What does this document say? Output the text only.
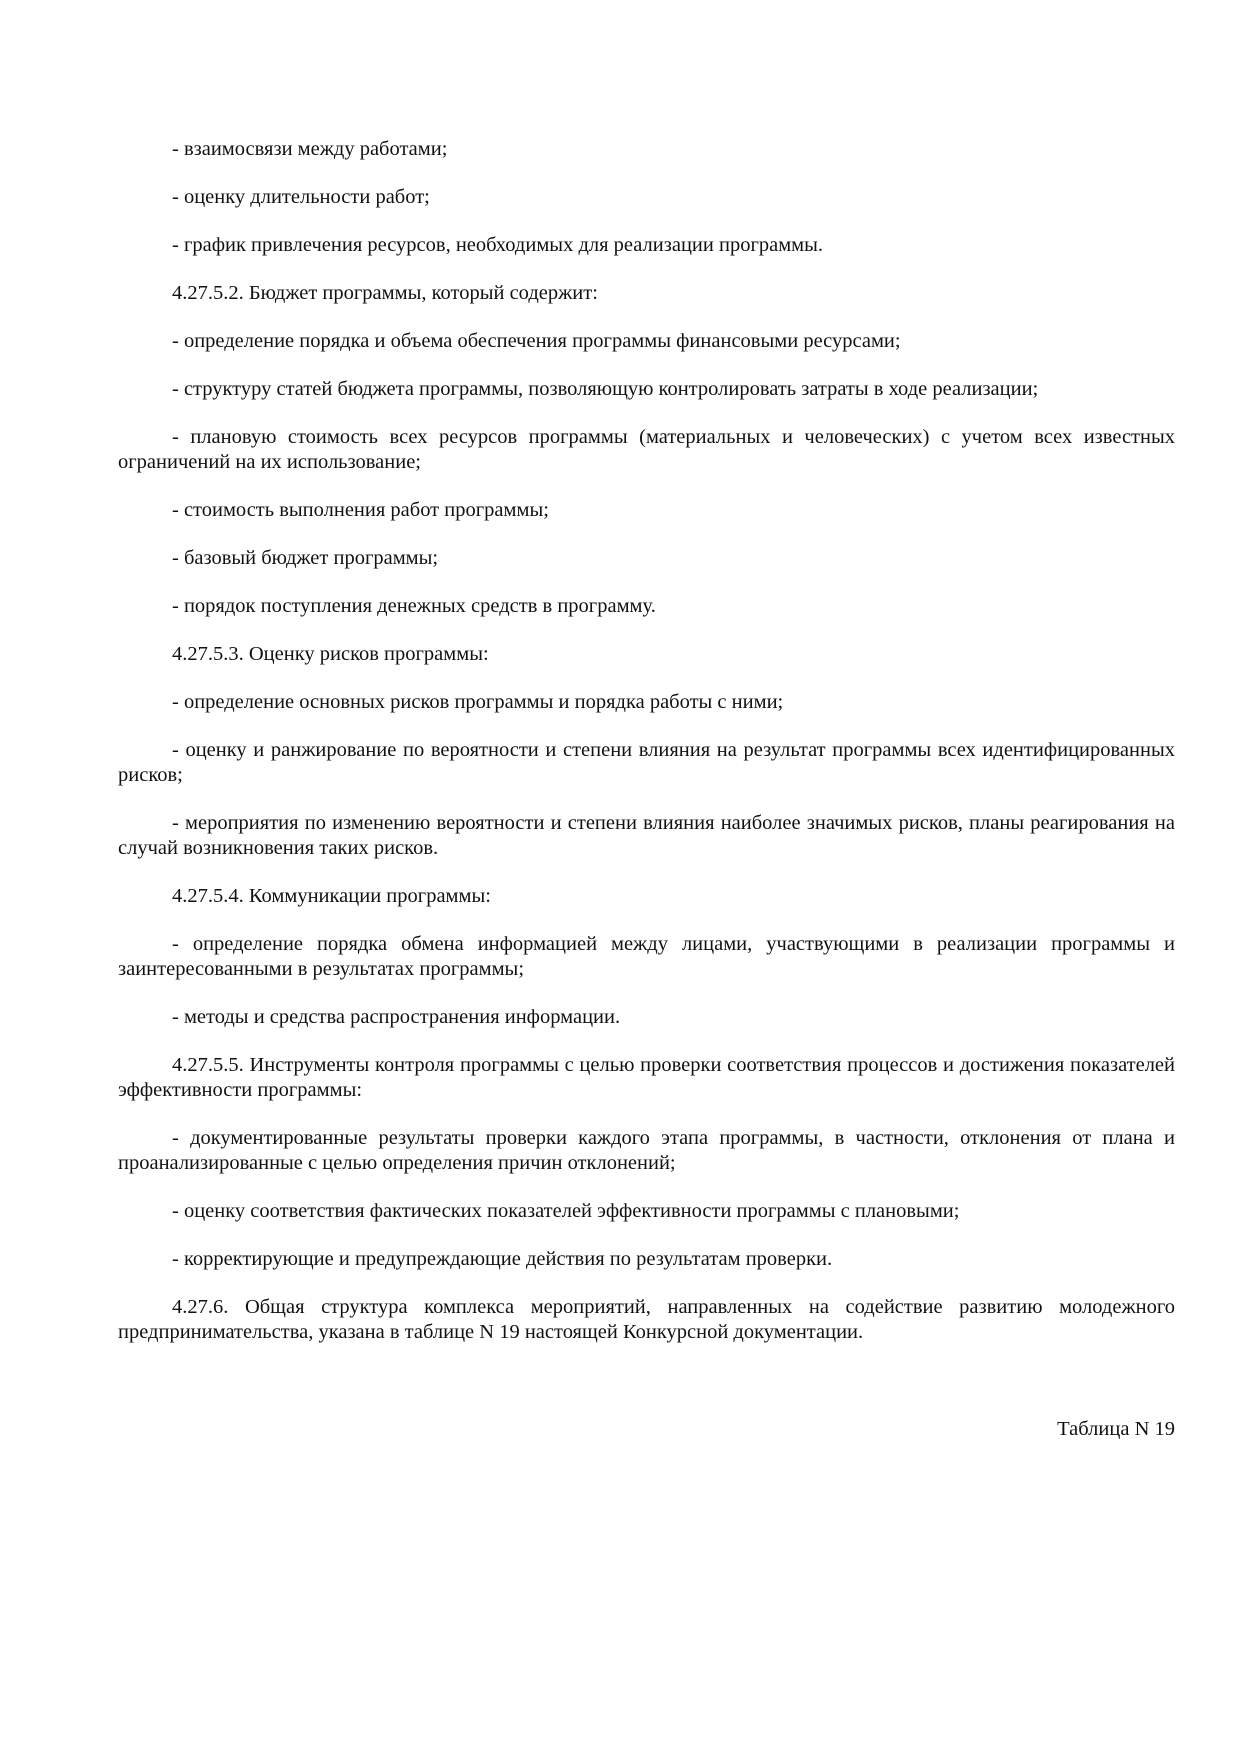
- взаимосвязи между работами;

- оценку длительности работ;

- график привлечения ресурсов, необходимых для реализации программы.

4.27.5.2. Бюджет программы, который содержит:

- определение порядка и объема обеспечения программы финансовыми ресурсами;

- структуру статей бюджета программы, позволяющую контролировать затраты в ходе реализации;

- плановую стоимость всех ресурсов программы (материальных и человеческих) с учетом всех известных ограничений на их использование;

- стоимость выполнения работ программы;

- базовый бюджет программы;

- порядок поступления денежных средств в программу.

4.27.5.3. Оценку рисков программы:

- определение основных рисков программы и порядка работы с ними;

- оценку и ранжирование по вероятности и степени влияния на результат программы всех идентифицированных рисков;

- мероприятия по изменению вероятности и степени влияния наиболее значимых рисков, планы реагирования на случай возникновения таких рисков.

4.27.5.4. Коммуникации программы:

- определение порядка обмена информацией между лицами, участвующими в реализации программы и заинтересованными в результатах программы;

- методы и средства распространения информации.

4.27.5.5. Инструменты контроля программы с целью проверки соответствия процессов и достижения показателей эффективности программы:

- документированные результаты проверки каждого этапа программы, в частности, отклонения от плана и проанализированные с целью определения причин отклонений;

- оценку соответствия фактических показателей эффективности программы с плановыми;

- корректирующие и предупреждающие действия по результатам проверки.

4.27.6. Общая структура комплекса мероприятий, направленных на содействие развитию молодежного предпринимательства, указана в таблице N 19 настоящей Конкурсной документации.

Таблица N 19
